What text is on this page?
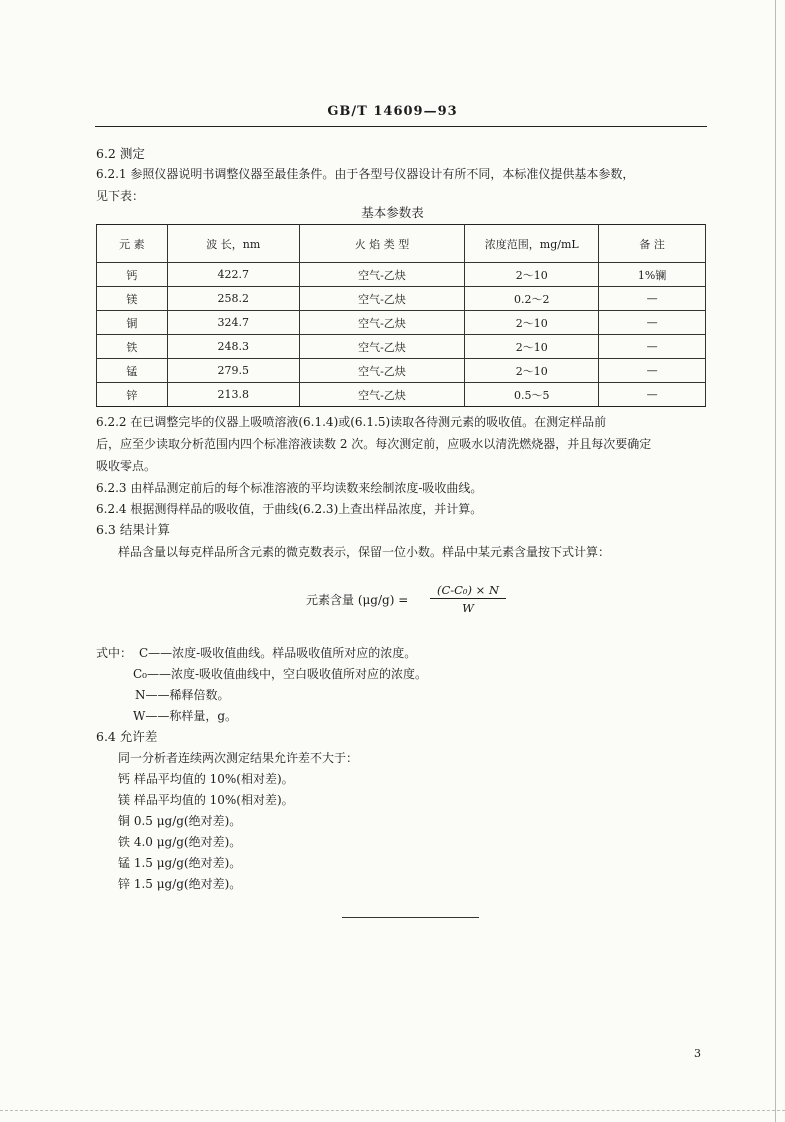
GB/T 14609—93
6.2 测定
6.2.1 参照仪器说明书调整仪器至最佳条件。由于各型号仪器设计有所不同，本标准仪提供基本参数，
见下表：
基本参数表
元 素	波 长，nm	火 焰 类 型	浓度范围，mg/mL	备 注
钙	422.7	空气-乙炔	2～10	1%镧
镁	258.2	空气-乙炔	0.2～2	—
铜	324.7	空气-乙炔	2～10	—
铁	248.3	空气-乙炔	2～10	—
锰	279.5	空气-乙炔	2～10	—
锌	213.8	空气-乙炔	0.5～5	—
6.2.2 在已调整完毕的仪器上吸喷溶液(6.1.4)或(6.1.5)读取各待测元素的吸收值。在测定样品前
后，应至少读取分析范围内四个标准溶液读数 2 次。每次测定前，应吸水以清洗燃烧器，并且每次要确定
吸收零点。
6.2.3 由样品测定前后的每个标准溶液的平均读数来绘制浓度-吸收曲线。
6.2.4 根据测得样品的吸收值，于曲线(6.2.3)上查出样品浓度，并计算。
6.3 结果计算
样品含量以每克样品所含元素的微克数表示，保留一位小数。样品中某元素含量按下式计算：
元素含量 (μg/g) =
(C-C₀) × N
W
式中： C——浓度-吸收值曲线。样品吸收值所对应的浓度。
C₀——浓度-吸收值曲线中，空白吸收值所对应的浓度。
N——稀释倍数。
W——称样量，g。
6.4 允许差
同一分析者连续两次测定结果允许差不大于：
钙 样品平均值的 10%(相对差)。
镁 样品平均值的 10%(相对差)。
铜 0.5 μg/g(绝对差)。
铁 4.0 μg/g(绝对差)。
锰 1.5 μg/g(绝对差)。
锌 1.5 μg/g(绝对差)。
3
